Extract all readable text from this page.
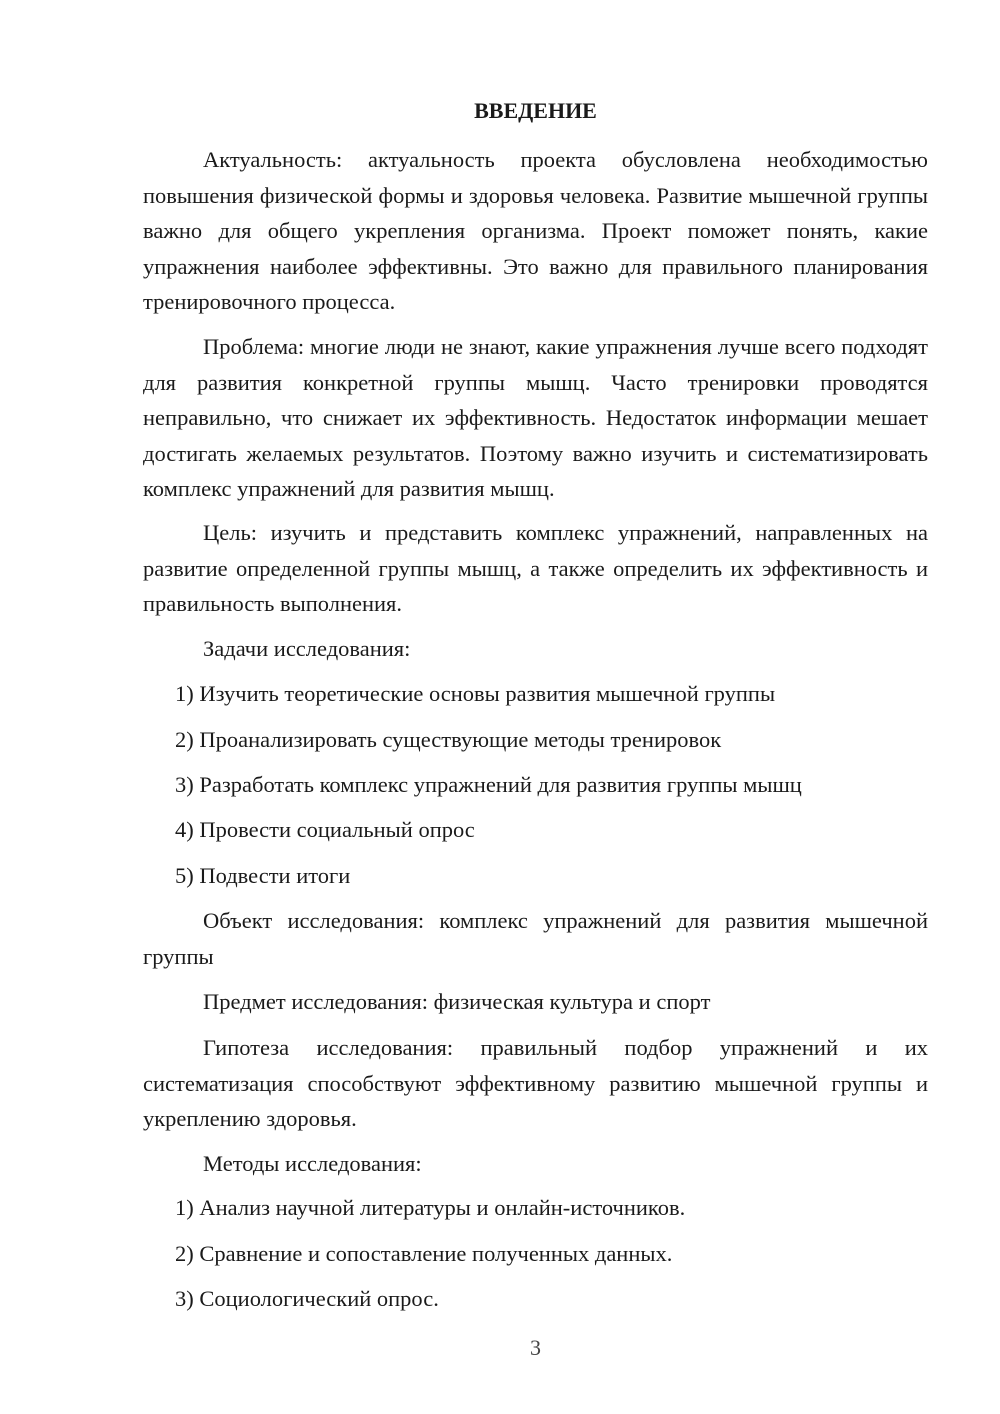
ВВЕДЕНИЕ

Актуальность: актуальность проекта обусловлена необходимостью повышения физической формы и здоровья человека. Развитие мышечной группы важно для общего укрепления организма. Проект поможет понять, какие упражнения наиболее эффективны. Это важно для правильного планирования тренировочного процесса.

Проблема: многие люди не знают, какие упражнения лучше всего подходят для развития конкретной группы мышц. Часто тренировки проводятся неправильно, что снижает их эффективность. Недостаток информации мешает достигать желаемых результатов. Поэтому важно изучить и систематизировать комплекс упражнений для развития мышц.

Цель: изучить и представить комплекс упражнений, направленных на развитие определенной группы мышц, а также определить их эффективность и правильность выполнения.

Задачи исследования:

1) Изучить теоретические основы развития мышечной группы

2) Проанализировать существующие методы тренировок

3) Разработать комплекс упражнений для развития группы мышц

4) Провести социальный опрос

5) Подвести итоги

Объект исследования: комплекс упражнений для развития мышечной группы

Предмет исследования: физическая культура и спорт

Гипотеза исследования: правильный подбор упражнений и их систематизация способствуют эффективному развитию мышечной группы и укреплению здоровья.

Методы исследования:

1) Анализ научной литературы и онлайн-источников.

2) Сравнение и сопоставление полученных данных.

3) Социологический опрос.

3
